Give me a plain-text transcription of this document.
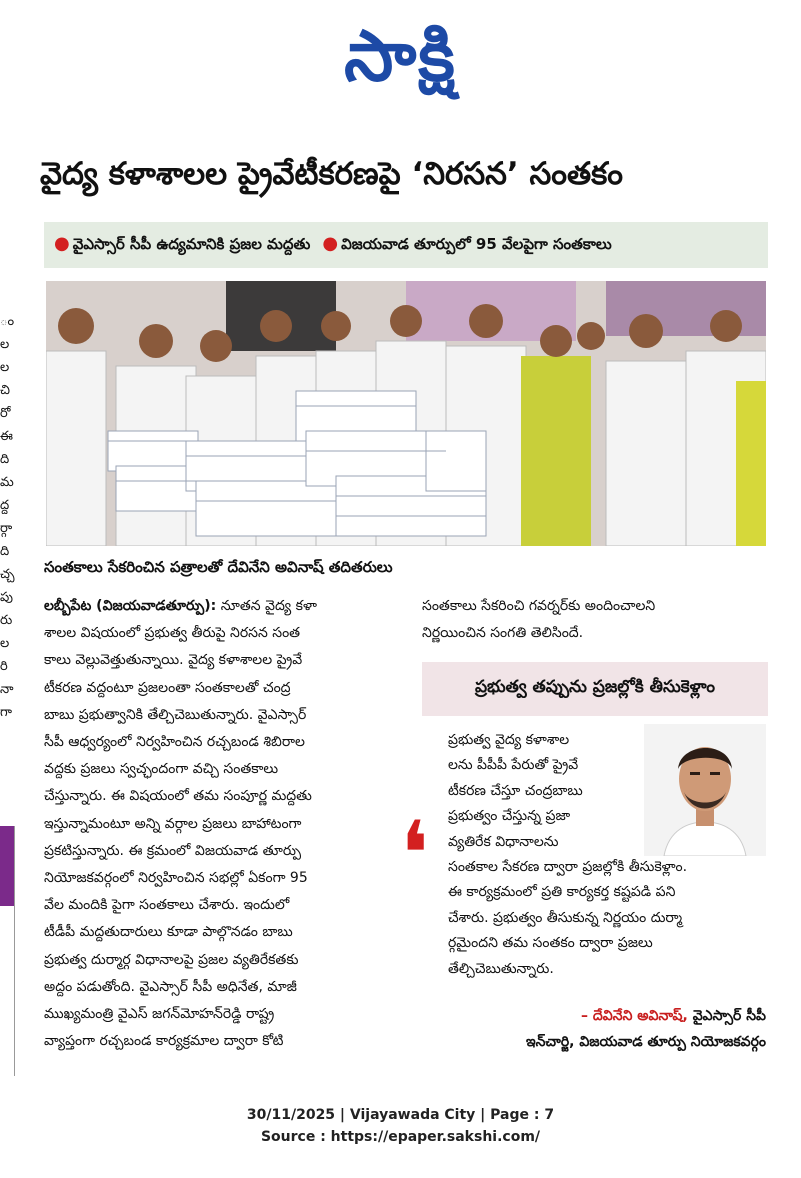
సాక్షి
వైద్య కళాశాలల ప్రైవేటీకరణపై ‘నిరసన’ సంతకం
● వైఎస్సార్ సీపీ ఉద్యమానికి ప్రజల మద్దతు ● విజయవాడ తూర్పులో 95 వేలపైగా సంతకాలు
ం
ల
ల
చి
రో
ఈ
ది
మ
ద్ద
ర్గా
ది
చ్చ
పు
రు
ల
రి
నా
గా
సంతకాలు సేకరించిన పత్రాలతో దేవినేని అవినాష్ తదితరులు

లబ్బీపేట (విజయవాడతూర్పు): నూతన వైద్య కళా

శాలల విషయంలో ప్రభుత్వ తీరుపై నిరసన సంత

కాలు వెల్లువెత్తుతున్నాయి. వైద్య కళాశాలల ప్రైవే

టీకరణ వద్దంటూ ప్రజలంతా సంతకాలతో చంద్ర

బాబు ప్రభుత్వానికి తేల్చిచెబుతున్నారు. వైఎస్సార్

సీపీ ఆధ్వర్యంలో నిర్వహించిన రచ్చబండ శిబిరాల

వద్దకు ప్రజలు స్వచ్ఛందంగా వచ్చి సంతకాలు

చేస్తున్నారు. ఈ విషయంలో తమ సంపూర్ణ మద్దతు

ఇస్తున్నామంటూ అన్ని వర్గాల ప్రజలు బాహాటంగా

ప్రకటిస్తున్నారు. ఈ క్రమంలో విజయవాడ తూర్పు

నియోజకవర్గంలో నిర్వహించిన సభల్లో ఏకంగా 95

వేల మందికి పైగా సంతకాలు చేశారు. ఇందులో

టీడీపీ మద్దతుదారులు కూడా పాల్గొనడం బాబు

ప్రభుత్వ దుర్మార్గ విధానాలపై ప్రజల వ్యతిరేకతకు

అద్దం పడుతోంది. వైఎస్సార్ సీపీ అధినేత, మాజీ

ముఖ్యమంత్రి వైఎస్ జగన్‌మోహన్‌రెడ్డి రాష్ట్ర

వ్యాప్తంగా రచ్చబండ కార్యక్రమాల ద్వారా కోటి

సంతకాలు సేకరించి గవర్నర్‌కు అందించాలని

నిర్ణయించిన సంగతి తెలిసిందే.

ప్రభుత్వ తప్పును ప్రజల్లోకి తీసుకెళ్లాం
❛

ప్రభుత్వ వైద్య కళాశాల

లను పీపీపీ పేరుతో ప్రైవే

టీకరణ చేస్తూ చంద్రబాబు

ప్రభుత్వం చేస్తున్న ప్రజా

వ్యతిరేక విధానాలను

సంతకాల సేకరణ ద్వారా ప్రజల్లోకి తీసుకెళ్లాం.

ఈ కార్యక్రమంలో ప్రతి కార్యకర్త కష్టపడి పని

చేశారు. ప్రభుత్వం తీసుకున్న నిర్ణయం దుర్మా

ర్గమైందని తమ సంతకం ద్వారా ప్రజలు

తేల్చిచెబుతున్నారు.

– దేవినేని అవినాష్, వైఎస్సార్ సీపీ
ఇన్‌చార్జి, విజయవాడ తూర్పు నియోజకవర్గం
30/11/2025 | Vijayawada City | Page : 7
Source : https://epaper.sakshi.com/
